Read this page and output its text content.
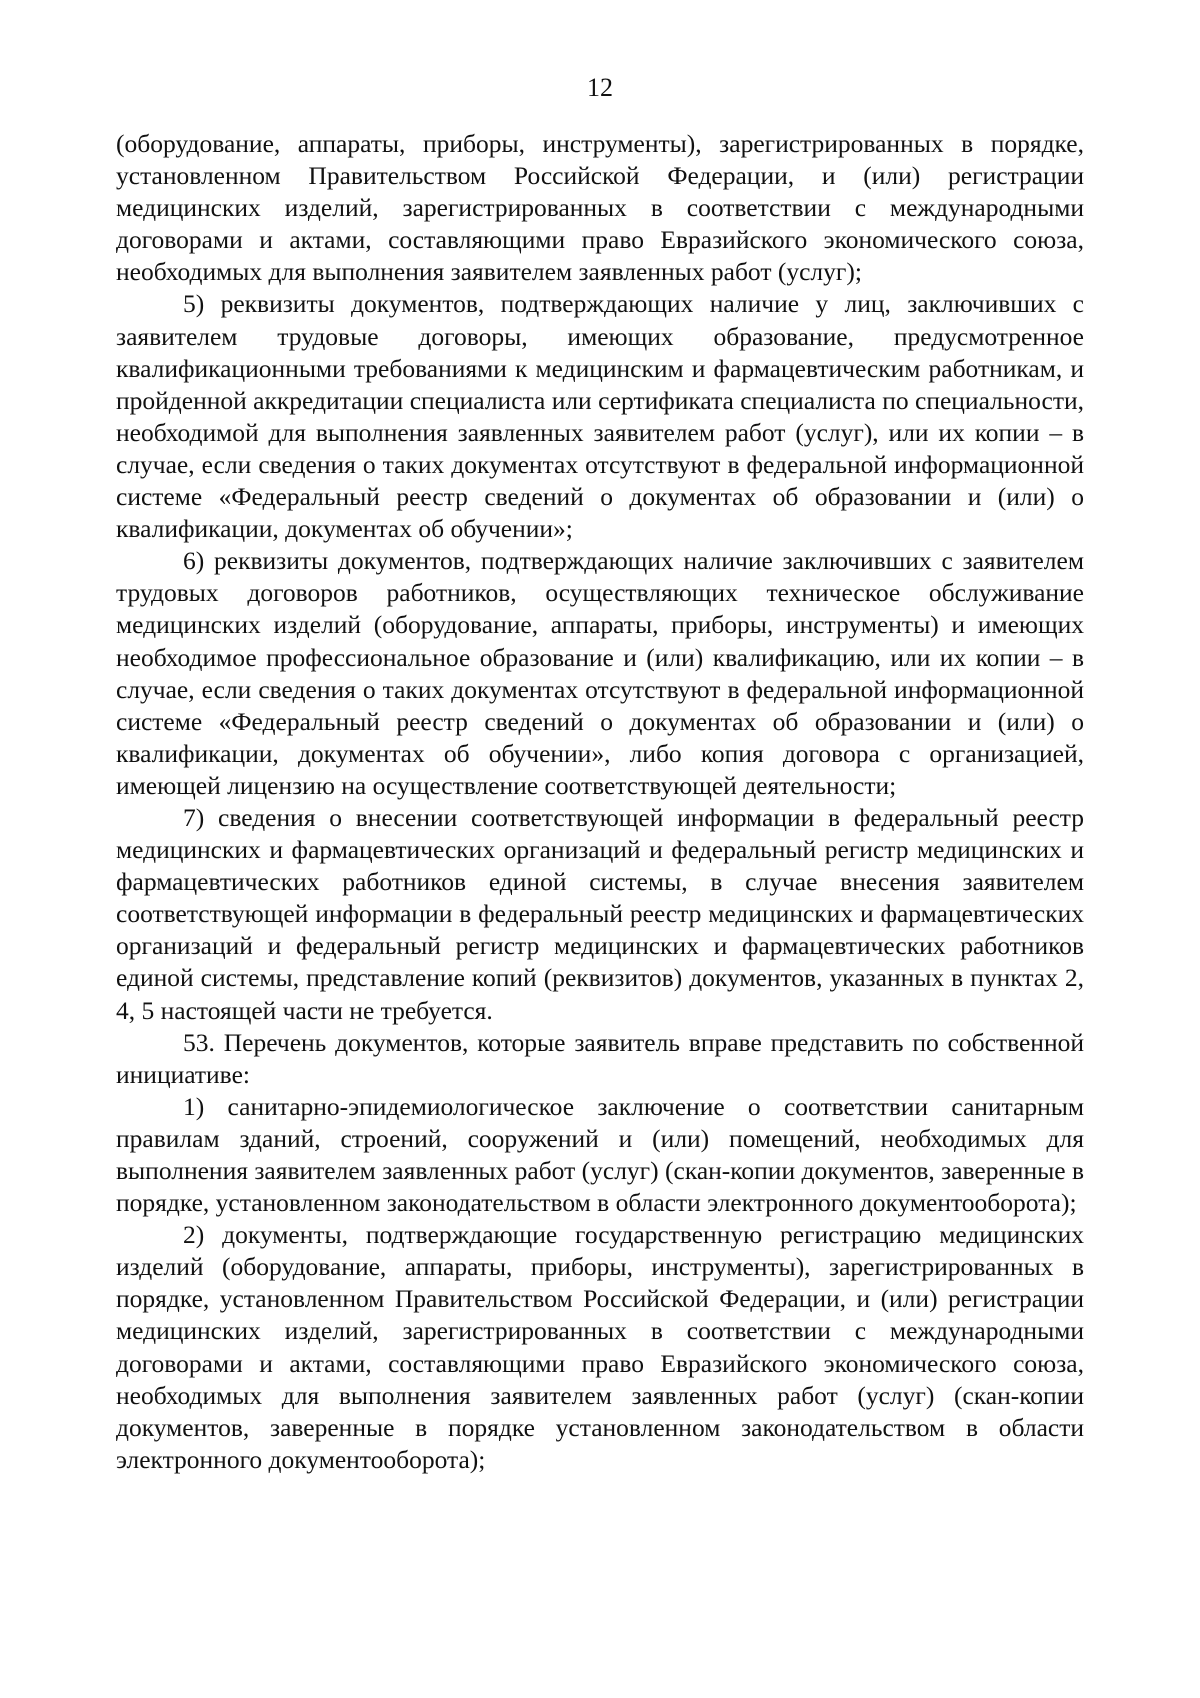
12

(оборудование, аппараты, приборы, инструменты), зарегистрированных в порядке, установленном Правительством Российской Федерации, и (или) регистрации медицинских изделий, зарегистрированных в соответствии с международными договорами и актами, составляющими право Евразийского экономического союза, необходимых для выполнения заявителем заявленных работ (услуг);

5) реквизиты документов, подтверждающих наличие у лиц, заключивших с заявителем трудовые договоры, имеющих образование, предусмотренное квалификационными требованиями к медицинским и фармацевтическим работникам, и пройденной аккредитации специалиста или сертификата специалиста по специальности, необходимой для выполнения заявленных заявителем работ (услуг), или их копии – в случае, если сведения о таких документах отсутствуют в федеральной информационной системе «Федеральный реестр сведений о документах об образовании и (или) о квалификации, документах об обучении»;

6) реквизиты документов, подтверждающих наличие заключивших с заявителем трудовых договоров работников, осуществляющих техническое обслуживание медицинских изделий (оборудование, аппараты, приборы, инструменты) и имеющих необходимое профессиональное образование и (или) квалификацию, или их копии – в случае, если сведения о таких документах отсутствуют в федеральной информационной системе «Федеральный реестр сведений о документах об образовании и (или) о квалификации, документах об обучении», либо копия договора с организацией, имеющей лицензию на осуществление соответствующей деятельности;

7) сведения о внесении соответствующей информации в федеральный реестр медицинских и фармацевтических организаций и федеральный регистр медицинских и фармацевтических работников единой системы, в случае внесения заявителем соответствующей информации в федеральный реестр медицинских и фармацевтических организаций и федеральный регистр медицинских и фармацевтических работников единой системы, представление копий (реквизитов) документов, указанных в пунктах 2, 4, 5 настоящей части не требуется.

53. Перечень документов, которые заявитель вправе представить по собственной инициативе:

1) санитарно-эпидемиологическое заключение о соответствии санитарным правилам зданий, строений, сооружений и (или) помещений, необходимых для выполнения заявителем заявленных работ (услуг) (скан-копии документов, заверенные в порядке, установленном законодательством в области электронного документооборота);

2) документы, подтверждающие государственную регистрацию медицинских изделий (оборудование, аппараты, приборы, инструменты), зарегистрированных в порядке, установленном Правительством Российской Федерации, и (или) регистрации медицинских изделий, зарегистрированных в соответствии с международными договорами и актами, составляющими право Евразийского экономического союза, необходимых для выполнения заявителем заявленных работ (услуг) (скан-копии документов, заверенные в порядке установленном законодательством в области электронного документооборота);
